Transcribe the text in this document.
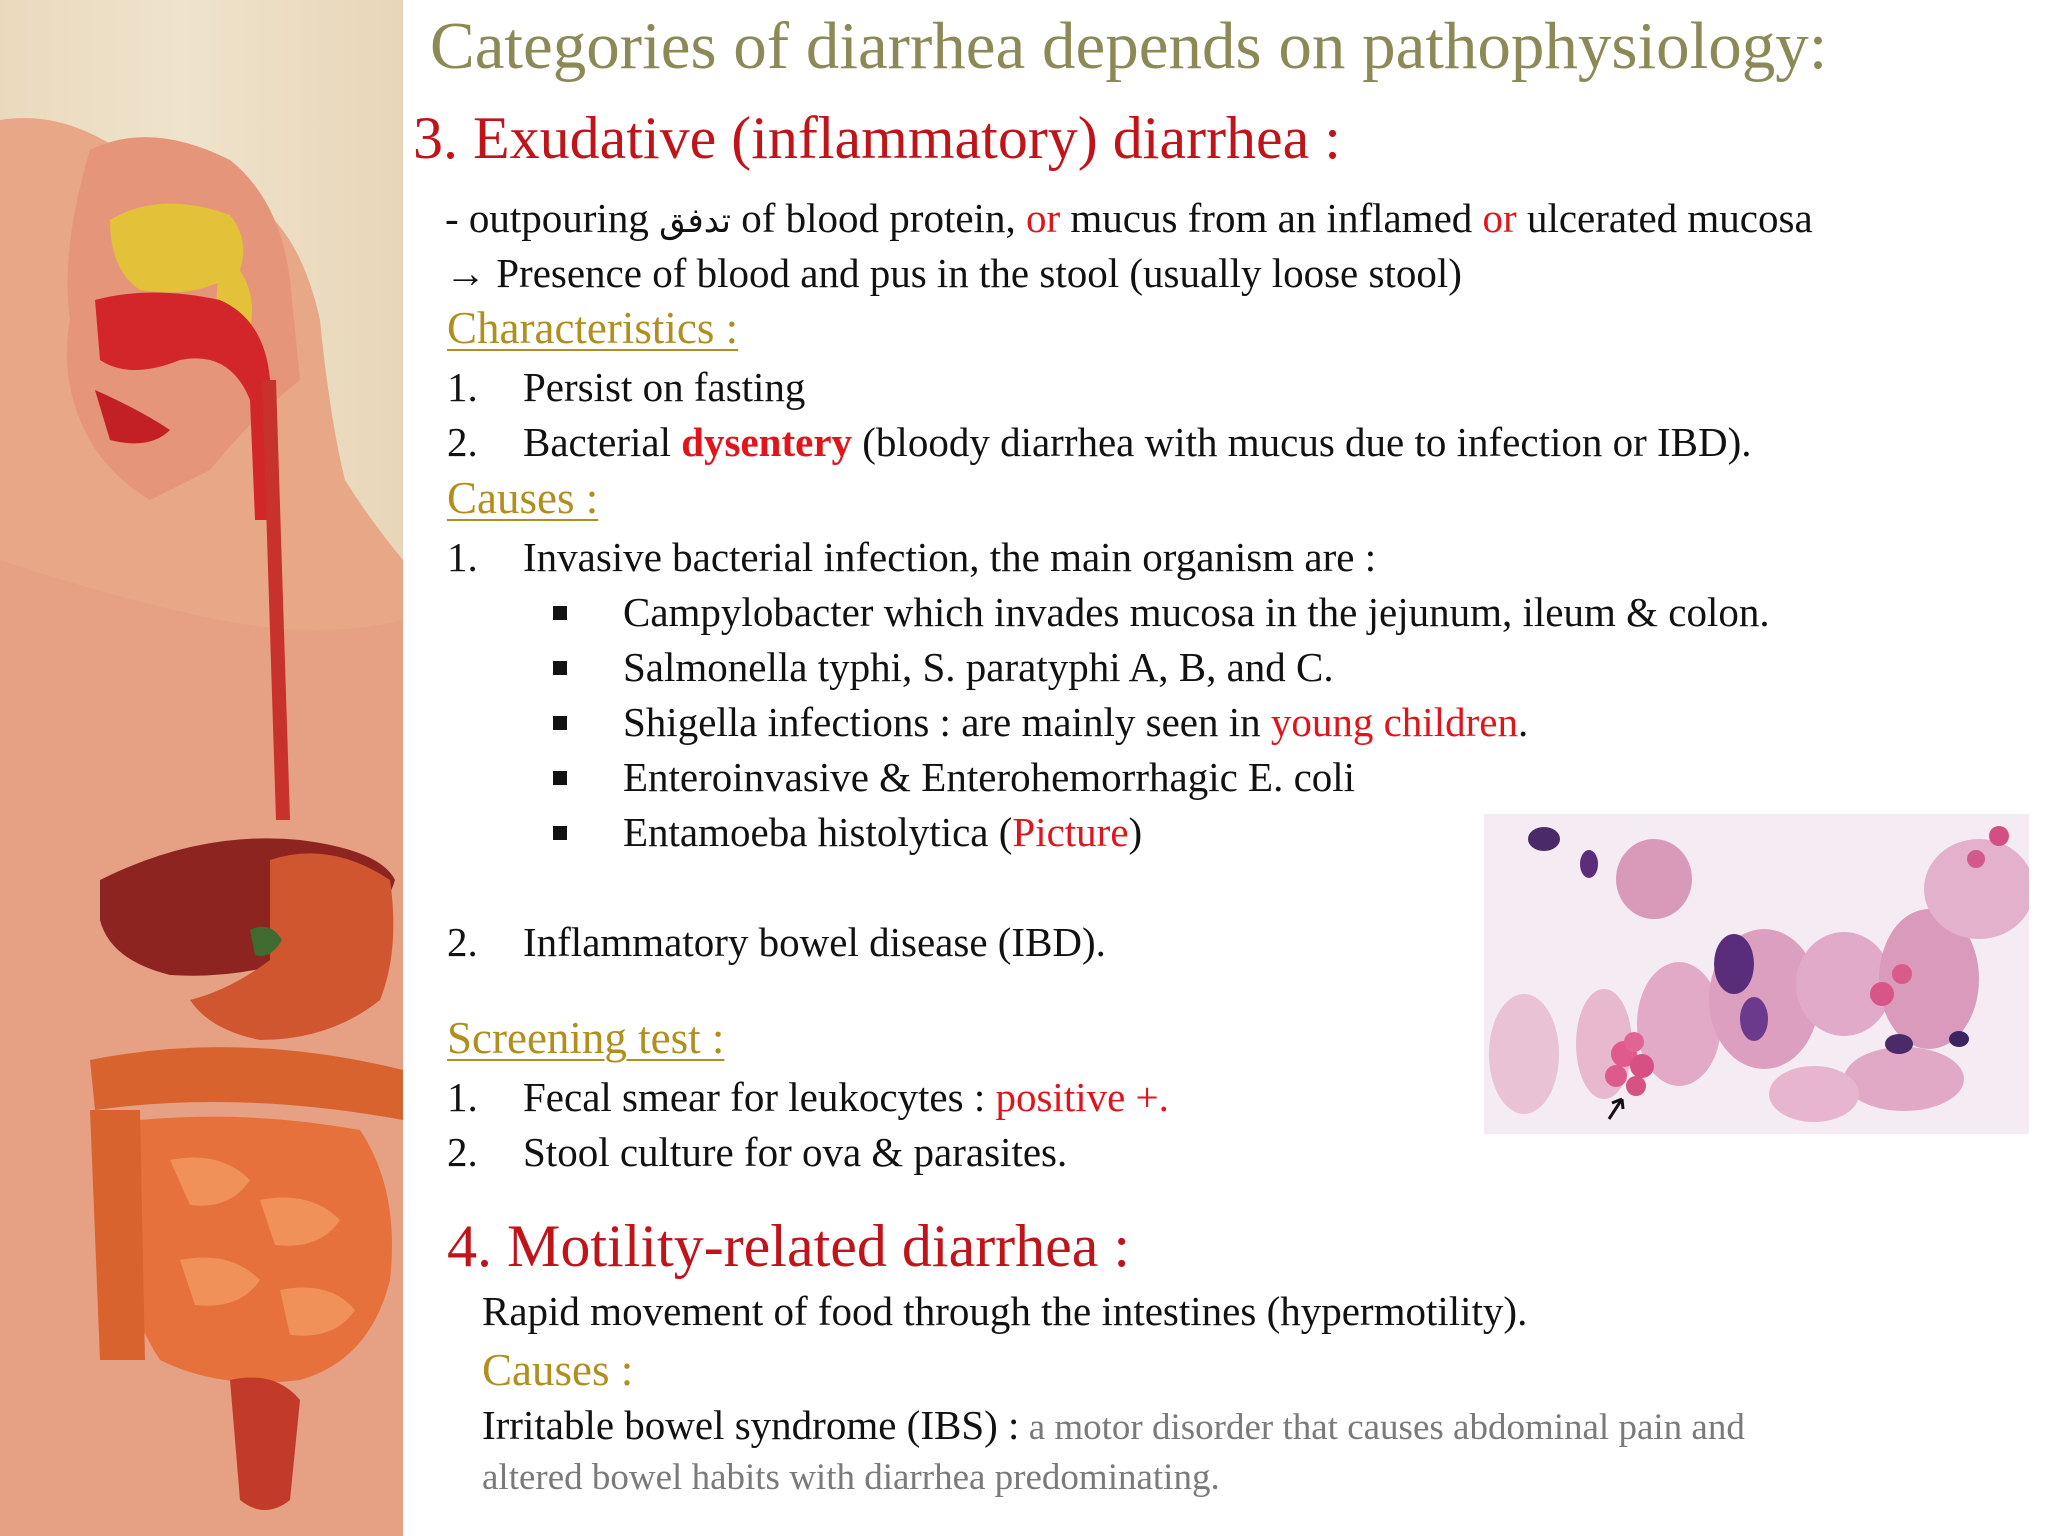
Categories of diarrhea depends on pathophysiology:
3. Exudative (inflammatory) diarrhea :
- outpouring تدفق of blood protein, or mucus from an inflamed or ulcerated mucosa
→ Presence of blood and pus in the stool (usually loose stool)
Characteristics :
1. Persist on fasting
2. Bacterial dysentery (bloody diarrhea with mucus due to infection or IBD).
Causes :
1. Invasive bacterial infection, the main organism are :
Campylobacter which invades mucosa in the jejunum, ileum & colon.
Salmonella typhi, S. paratyphi A, B, and C.
Shigella infections : are mainly seen in young children.
Enteroinvasive & Enterohemorrhagic E. coli
Entamoeba histolytica (Picture)
2. Inflammatory bowel disease (IBD).
Screening test :
1. Fecal smear for leukocytes : positive +.
2. Stool culture for ova & parasites.
4. Motility-related diarrhea :
Rapid movement of food through the intestines (hypermotility).
Causes :
Irritable bowel syndrome (IBS) : a motor disorder that causes abdominal pain and
altered bowel habits with diarrhea predominating.
